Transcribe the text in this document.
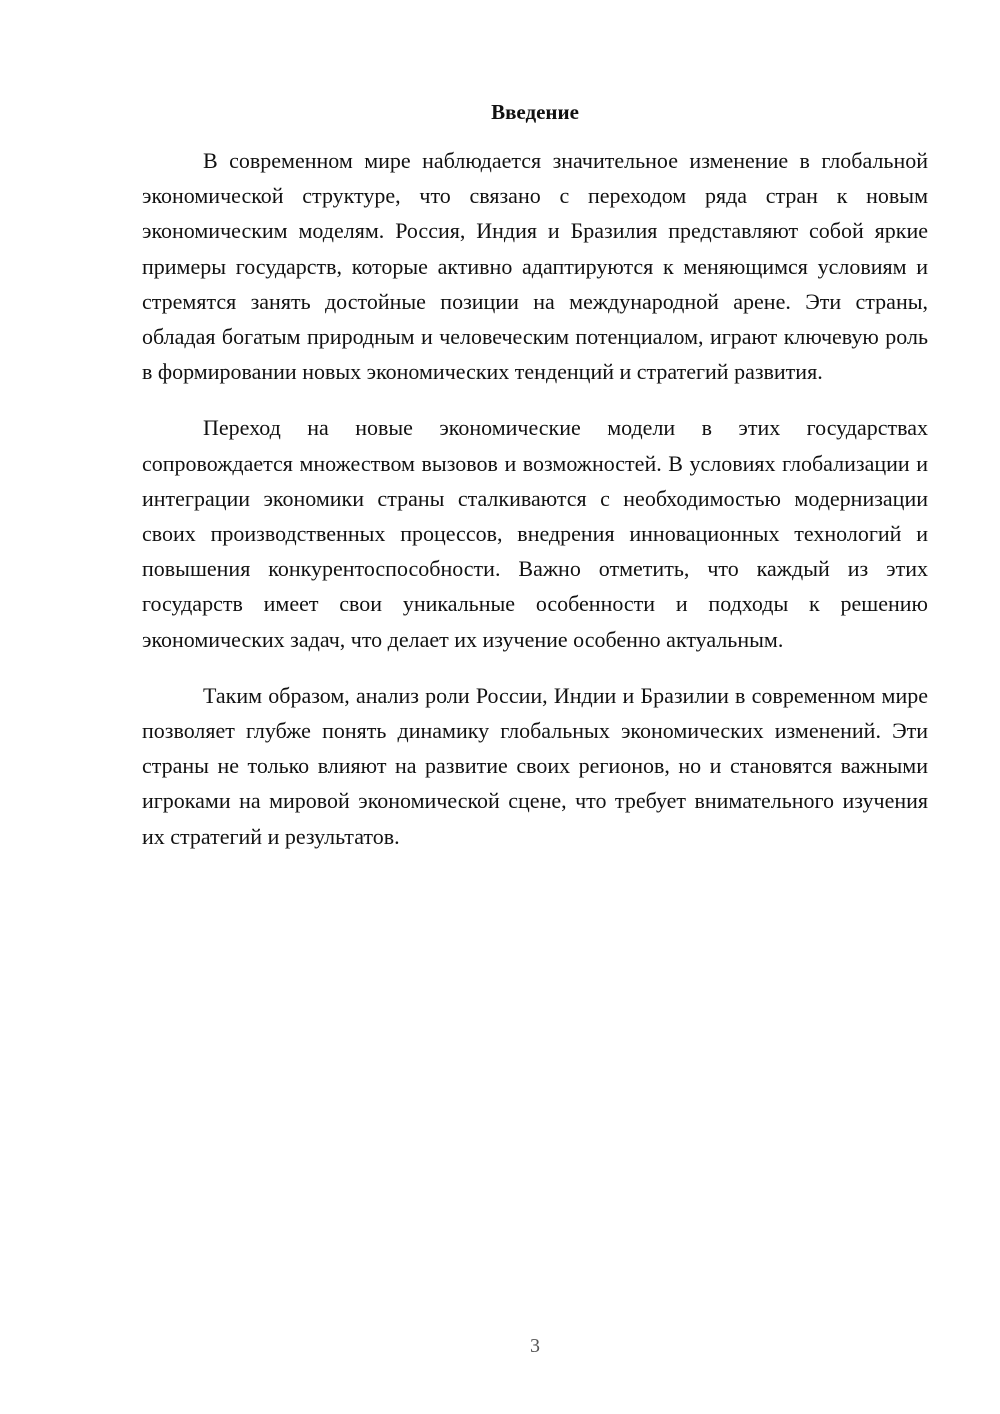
Введение

В современном мире наблюдается значительное изменение в глобальной экономической структуре, что связано с переходом ряда стран к новым экономическим моделям. Россия, Индия и Бразилия представляют собой яркие примеры государств, которые активно адаптируются к меняющимся условиям и стремятся занять достойные позиции на международной арене. Эти страны, обладая богатым природным и человеческим потенциалом, играют ключевую роль в формировании новых экономических тенденций и стратегий развития.

Переход на новые экономические модели в этих государствах сопровождается множеством вызовов и возможностей. В условиях глобализации и интеграции экономики страны сталкиваются с необходимостью модернизации своих производственных процессов, внедрения инновационных технологий и повышения конкурентоспособности. Важно отметить, что каждый из этих государств имеет свои уникальные особенности и подходы к решению экономических задач, что делает их изучение особенно актуальным.

Таким образом, анализ роли России, Индии и Бразилии в современном мире позволяет глубже понять динамику глобальных экономических изменений. Эти страны не только влияют на развитие своих регионов, но и становятся важными игроками на мировой экономической сцене, что требует внимательного изучения их стратегий и результатов.

3
